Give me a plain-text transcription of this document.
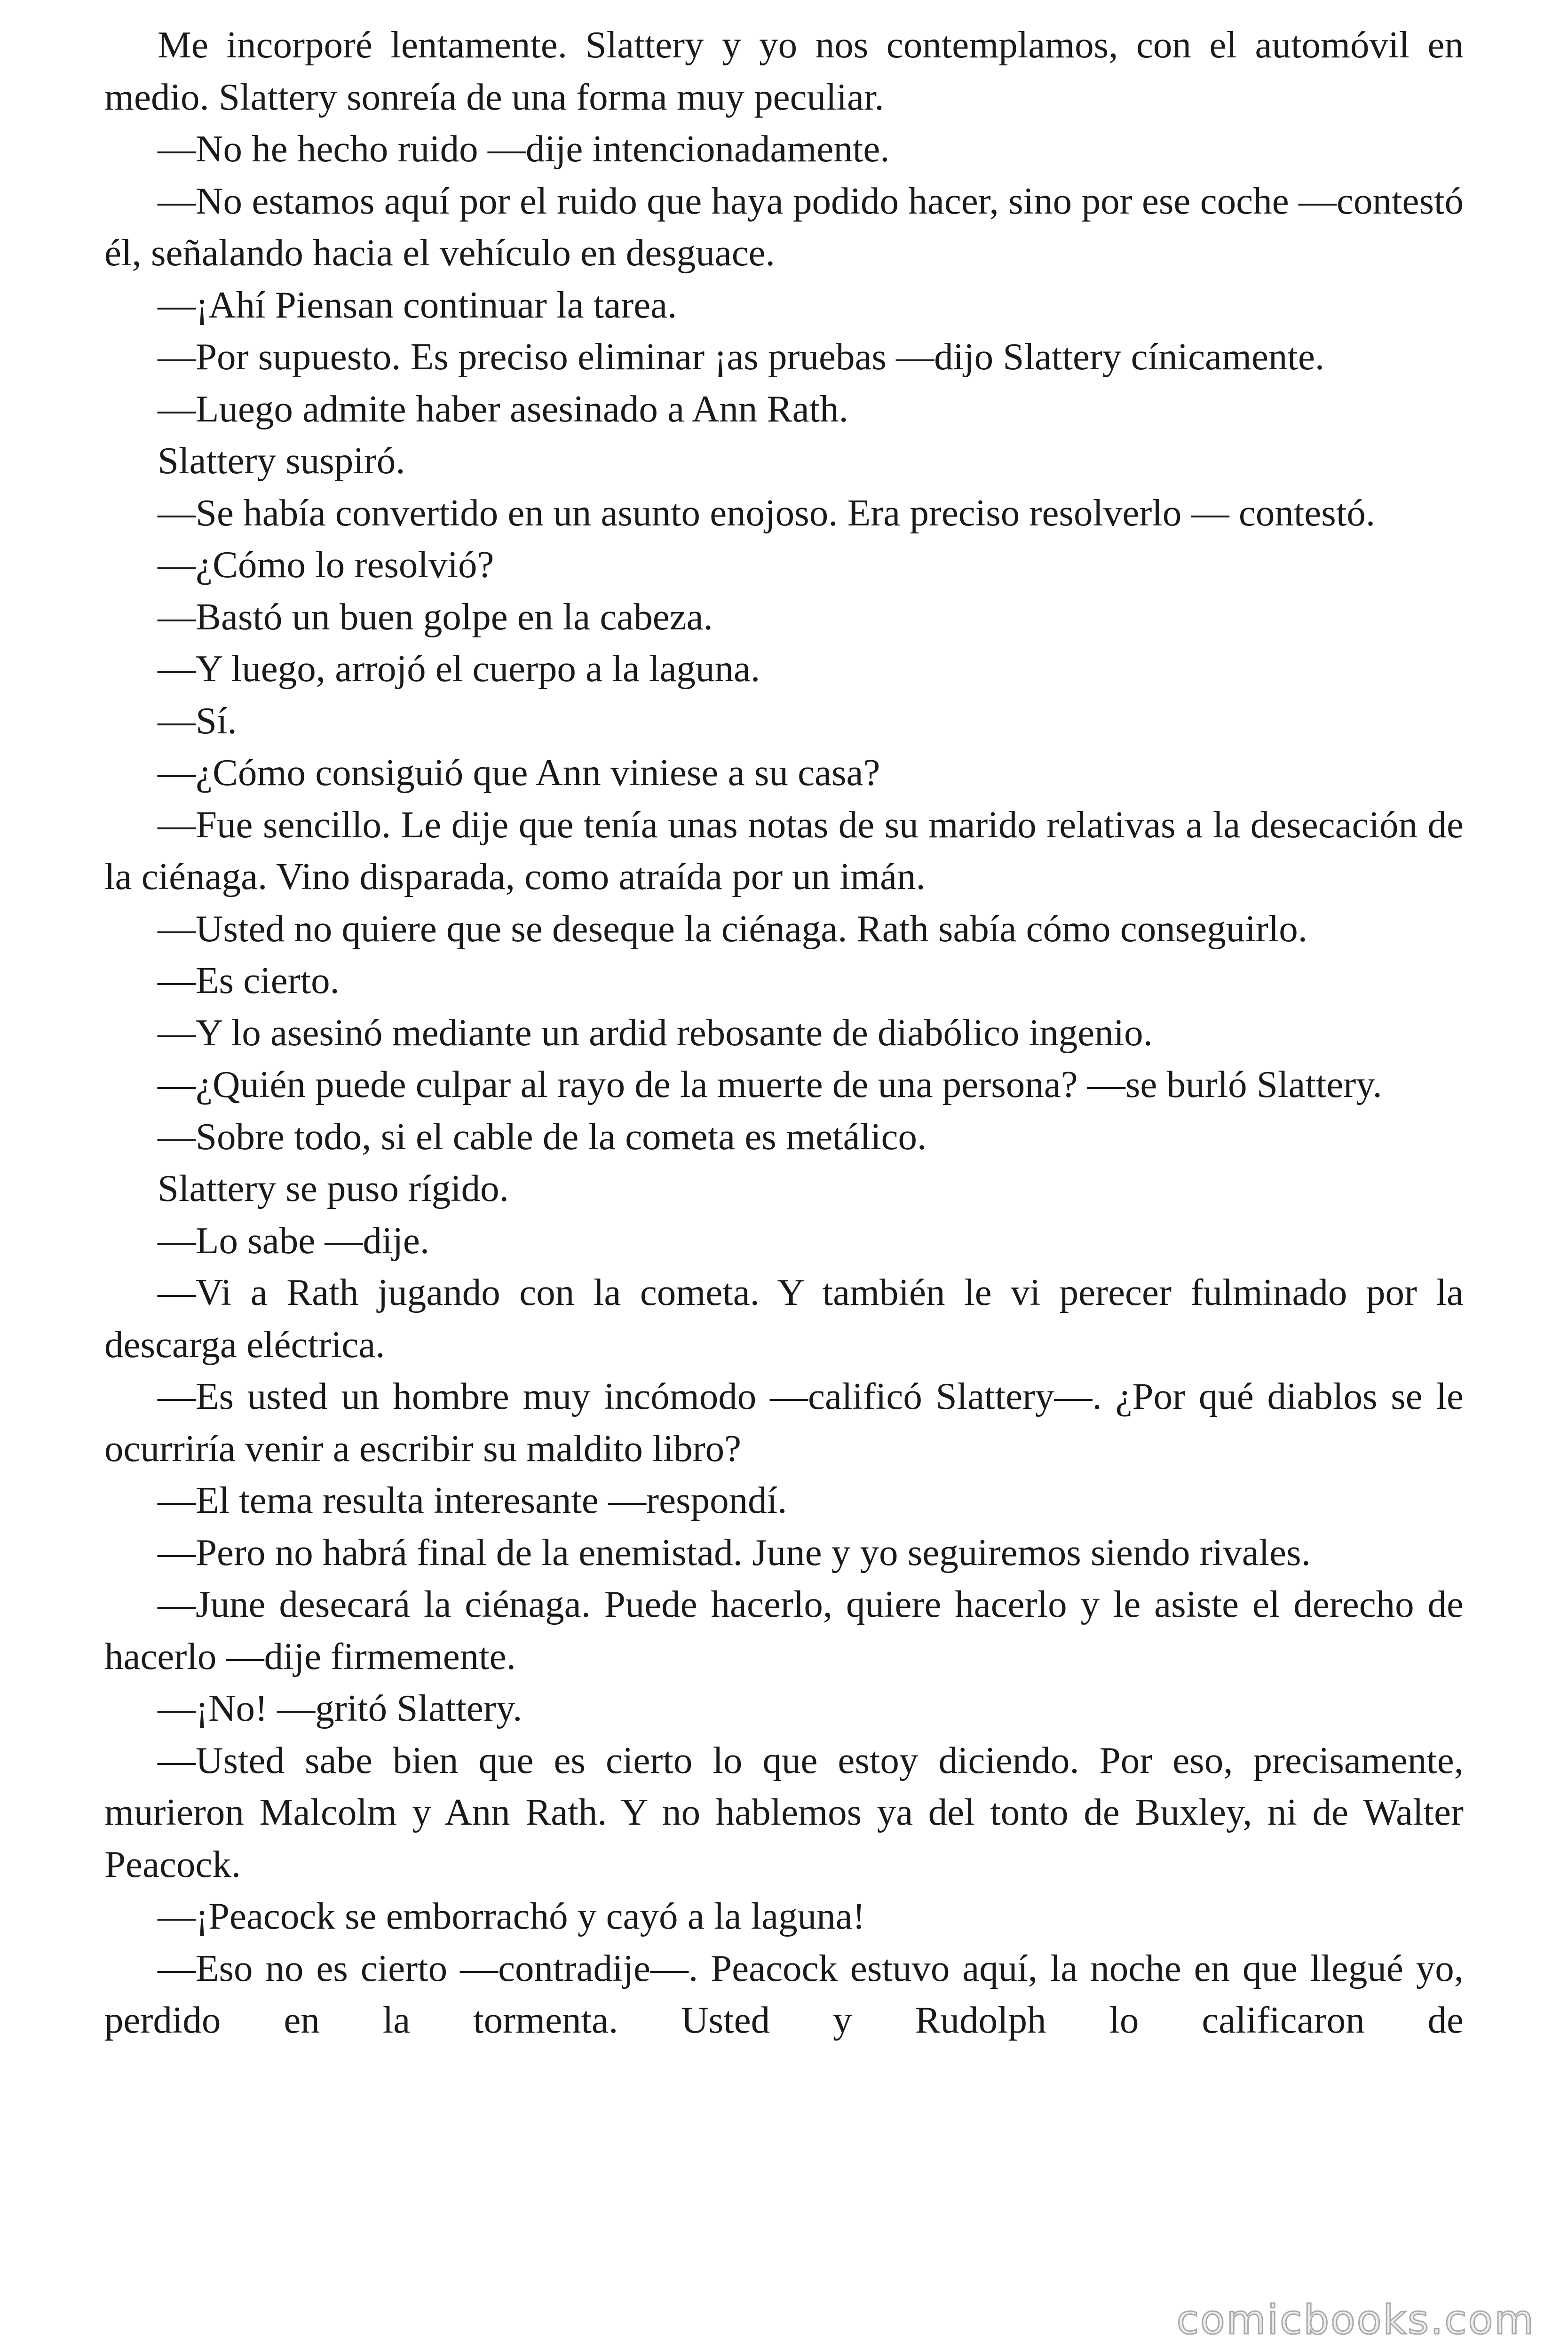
Me incorporé lentamente. Slattery y yo nos contemplamos, con el automóvil en medio. Slattery sonreía de una forma muy peculiar.

—No he hecho ruido —dije intencionadamente.

—No estamos aquí por el ruido que haya podido hacer, sino por ese coche —contestó él, señalando hacia el vehículo en desguace.

—¡Ahí Piensan continuar la tarea.

—Por supuesto. Es preciso eliminar ¡as pruebas —dijo Slattery cínicamente.

—Luego admite haber asesinado a Ann Rath.

Slattery suspiró.

—Se había convertido en un asunto enojoso. Era preciso resolverlo — contestó.

—¿Cómo lo resolvió?

—Bastó un buen golpe en la cabeza.

—Y luego, arrojó el cuerpo a la laguna.

—Sí.

—¿Cómo consiguió que Ann viniese a su casa?

—Fue sencillo. Le dije que tenía unas notas de su marido relativas a la desecación de la ciénaga. Vino disparada, como atraída por un imán.

—Usted no quiere que se deseque la ciénaga. Rath sabía cómo conseguirlo.

—Es cierto.

—Y lo asesinó mediante un ardid rebosante de diabólico ingenio.

—¿Quién puede culpar al rayo de la muerte de una persona? —se burló Slattery.

—Sobre todo, si el cable de la cometa es metálico.

Slattery se puso rígido.

—Lo sabe —dije.

—Vi a Rath jugando con la cometa. Y también le vi perecer fulminado por la descarga eléctrica.

—Es usted un hombre muy incómodo —calificó Slattery—. ¿Por qué diablos se le ocurriría venir a escribir su maldito libro?

—El tema resulta interesante —respondí.

—Pero no habrá final de la enemistad. June y yo seguiremos siendo rivales.

—June desecará la ciénaga. Puede hacerlo, quiere hacerlo y le asiste el derecho de hacerlo —dije firmemente.

—¡No! —gritó Slattery.

—Usted sabe bien que es cierto lo que estoy diciendo. Por eso, precisamente, murieron Malcolm y Ann Rath. Y no hablemos ya del tonto de Buxley, ni de Walter Peacock.

—¡Peacock se emborrachó y cayó a la laguna!

—Eso no es cierto —contradije—. Peacock estuvo aquí, la noche en que llegué yo, perdido en la tormenta. Usted y Rudolph lo calificaron de

comicbooks.com
